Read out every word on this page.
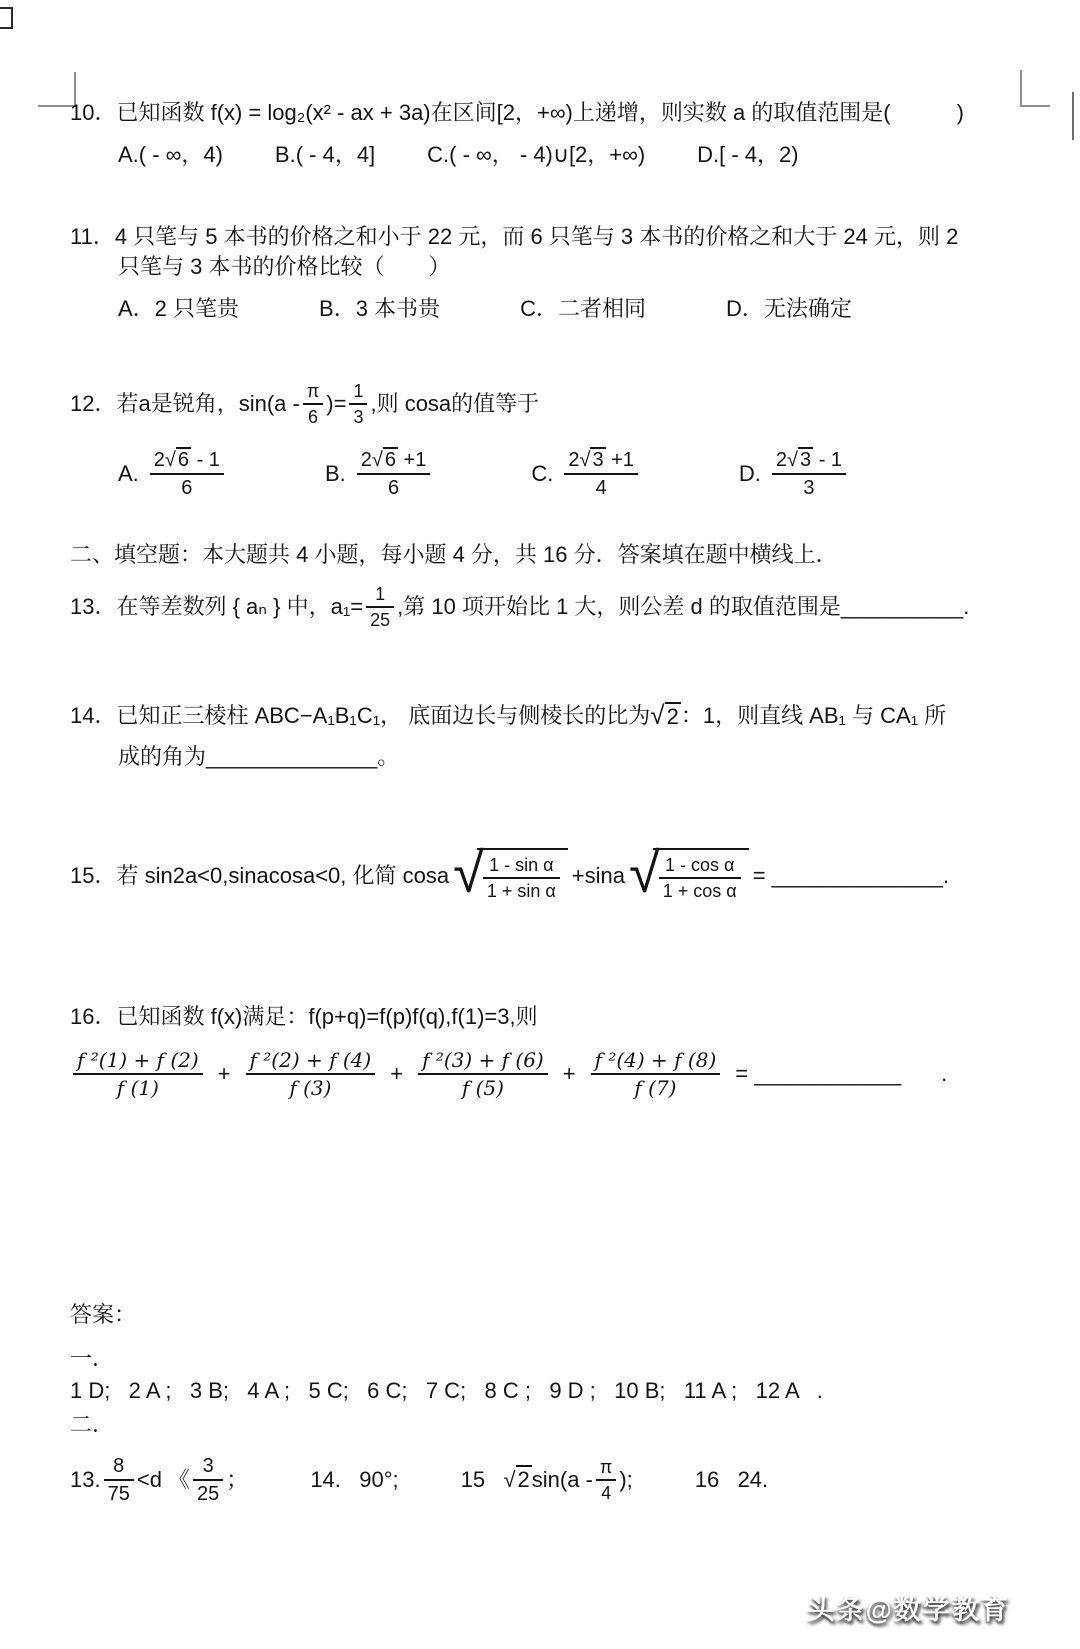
10．已知函数 f(x) = log₂(x² - ax + 3a)在区间[2，+∞)上递增，则实数 a 的取值范围是(　　　)
A.( - ∞，4) B.( - 4，4] C.( - ∞， - 4)∪[2，+∞) D.[ - 4，2)
11．4 只笔与 5 本书的价格之和小于 22 元，而 6 只笔与 3 本书的价格之和大于 24 元，则 2
只笔与 3 本书的价格比较（　　）
A．2 只笔贵	B．3 本书贵	C．二者相同	D．无法确定
12．若a是锐角，$\sin(a - \frac{\pi}{6}$ )= $\frac{1}{3}$ ,则 cosa的值等于
A. $\frac{2√ 6 - 1}{6}$	B. $\frac{2√ 6 +1}{6}$	C. $\frac{2√ 3 +1}{4}$	D. $\frac{2√ 3 - 1}{3}$
二、填空题：本大题共 4 小题，每小题 4 分，共 16 分．答案填在题中横线上．
13．在等差数列 { aₙ } 中，$a_1= \frac{1}{25}$ ,第 10 项开始比 1 大，则公差 d 的取值范围是__________.
14．已知正三棱柱 ABC−A₁B₁C₁， 底面边长与侧棱长的比为 √2 ：1，则直线 AB₁ 与 CA₁ 所
成的角为______________。
15．若 sin2a<0,sinacosa<0, 化简 cosa √ $\frac{\text{1 - sin α}}{\text{1 + sin α}} +\sin a$ √ $\frac{\text{1 - cos α}}{\text{1 + cos α}}$ = ______________.
16．已知函数 f(x)满足：f(p+q)=f(p)f(q),f(1)=3,则
$\frac{\text{f ²(1) + f (2)}}{f (1)} + \frac{\text{f ²(2) + f (4)}}{f (3)} + \frac{\text{f ²(3) + f (6)}}{f (5)} + \frac{\text{f ²(4) + f (8)}}{f (7)}$ = ____________ .
答案：
一．
1 D;   2 A ;   3 B;   4 A ;   5 C;   6 C;   7 C;   8 C ;   9 D ;   10 B;   11 A ;   12 A   .
二．
13. $\frac{8}{75} <d$ 《 $\frac{3}{25}$ ；	14.   90°;	15 √2 $\sin(a - \frac{\pi}{4}$ );	16   24.
头条@数学教育
